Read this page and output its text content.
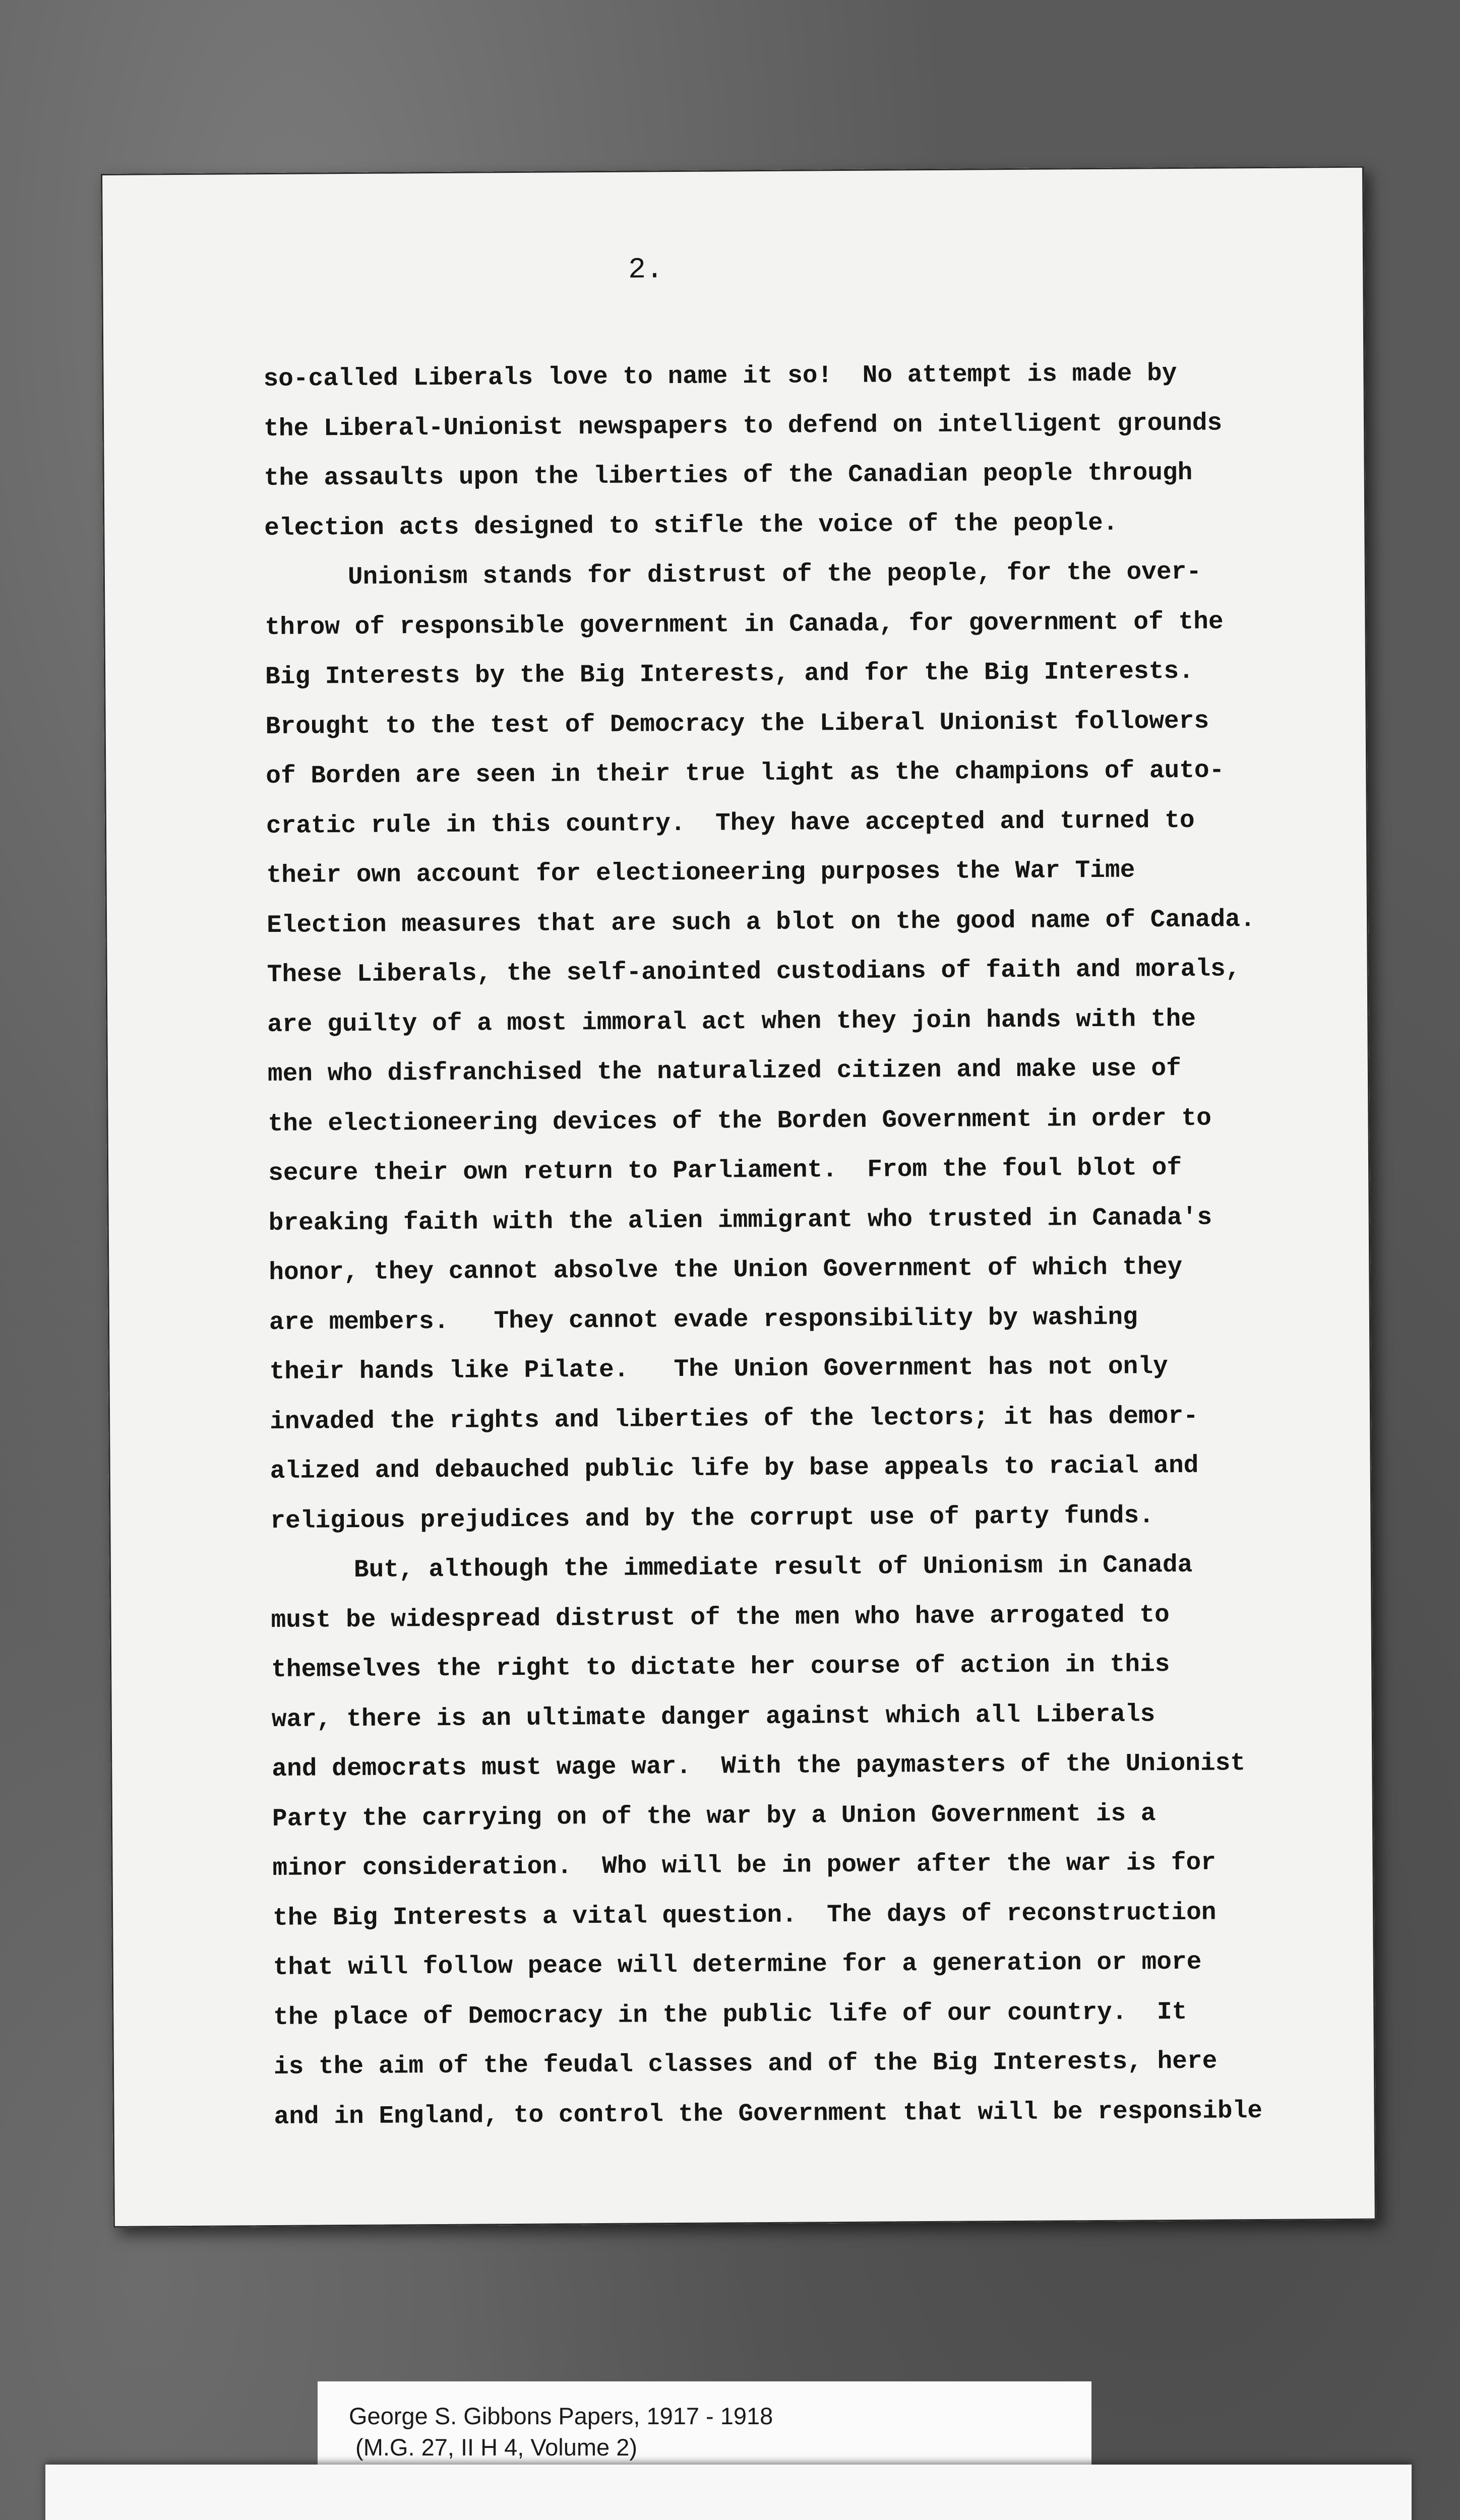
2.
so-called Liberals love to name it so!  No attempt is made by
the Liberal-Unionist newspapers to defend on intelligent grounds
the assaults upon the liberties of the Canadian people through
election acts designed to stifle the voice of the people.
Unionism stands for distrust of the people, for the over-
throw of responsible government in Canada, for government of the
Big Interests by the Big Interests, and for the Big Interests.
Brought to the test of Democracy the Liberal Unionist followers
of Borden are seen in their true light as the champions of auto-
cratic rule in this country.  They have accepted and turned to
their own account for electioneering purposes the War Time
Election measures that are such a blot on the good name of Canada.
These Liberals, the self-anointed custodians of faith and morals,
are guilty of a most immoral act when they join hands with the
men who disfranchised the naturalized citizen and make use of
the electioneering devices of the Borden Government in order to
secure their own return to Parliament.  From the foul blot of
breaking faith with the alien immigrant who trusted in Canada's
honor, they cannot absolve the Union Government of which they
are members.   They cannot evade responsibility by washing
their hands like Pilate.   The Union Government has not only
invaded the rights and liberties of the lectors; it has demor-
alized and debauched public life by base appeals to racial and
religious prejudices and by the corrupt use of party funds.
But, although the immediate result of Unionism in Canada
must be widespread distrust of the men who have arrogated to
themselves the right to dictate her course of action in this
war, there is an ultimate danger against which all Liberals
and democrats must wage war.  With the paymasters of the Unionist
Party the carrying on of the war by a Union Government is a
minor consideration.  Who will be in power after the war is for
the Big Interests a vital question.  The days of reconstruction
that will follow peace will determine for a generation or more
the place of Democracy in the public life of our country.  It
is the aim of the feudal classes and of the Big Interests, here
and in England, to control the Government that will be responsible
George S. Gibbons Papers, 1917 - 1918
(M.G. 27, II H 4, Volume 2)
